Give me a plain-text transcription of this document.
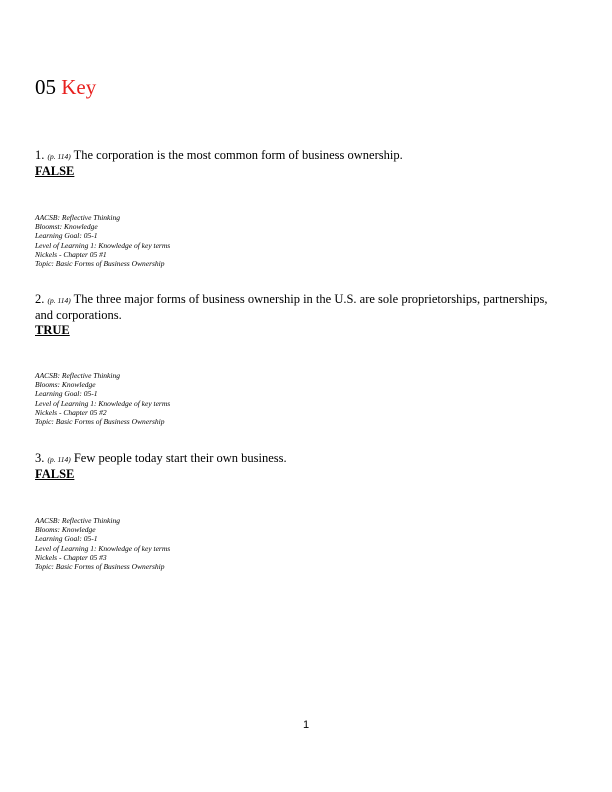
05 Key

1. (p. 114) The corporation is the most common form of business ownership.

FALSE

AACSB: Reflective Thinking
Bloomst: Knowledge
Learning Goal: 05-1
Level of Learning 1: Knowledge of key terms
Nickels - Chapter 05 #1
Topic: Basic Forms of Business Ownership

2. (p. 114) The three major forms of business ownership in the U.S. are sole proprietorships, partnerships, and corporations.

TRUE

AACSB: Reflective Thinking
Blooms: Knowledge
Learning Goal: 05-1
Level of Learning 1: Knowledge of key terms
Nickels - Chapter 05 #2
Topic: Basic Forms of Business Ownership

3. (p. 114) Few people today start their own business.

FALSE

AACSB: Reflective Thinking
Blooms: Knowledge
Learning Goal: 05-1
Level of Learning 1: Knowledge of key terms
Nickels - Chapter 05 #3
Topic: Basic Forms of Business Ownership
1
